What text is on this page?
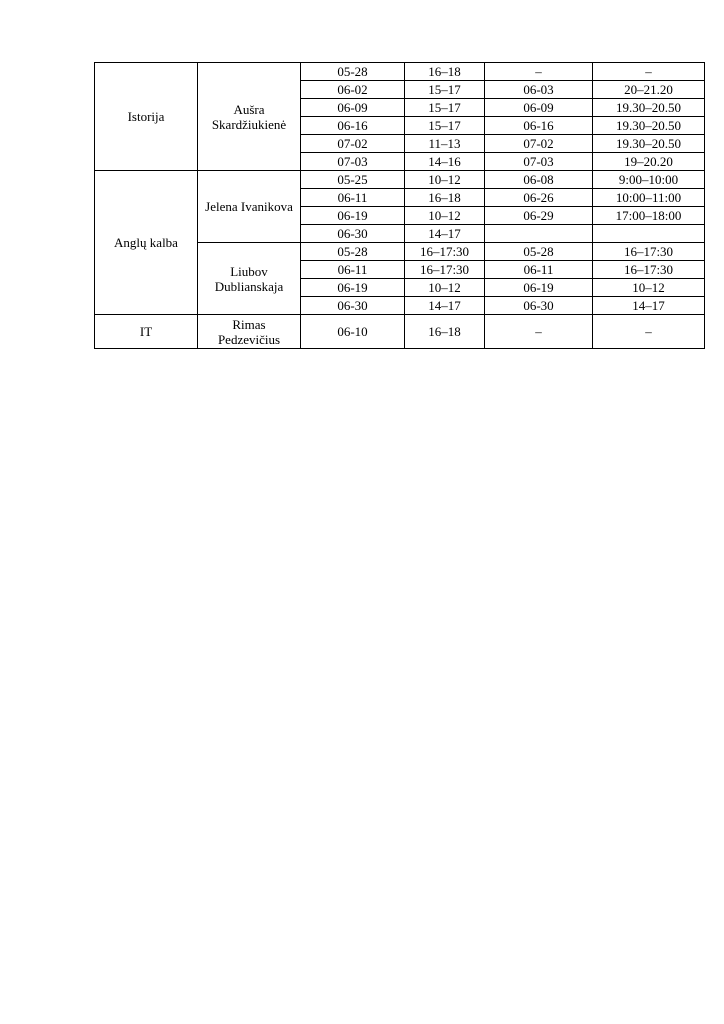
Istorija	Aušra Skardžiukienė	05-28	16–18	–	–
		06-02	15–17	06-03	20–21.20
		06-09	15–17	06-09	19.30–20.50
		06-16	15–17	06-16	19.30–20.50
		07-02	11–13	07-02	19.30–20.50
		07-03	14–16	07-03	19–20.20
Anglų kalba	Jelena Ivanikova	05-25	10–12	06-08	9:00–10:00
		06-11	16–18	06-26	10:00–11:00
		06-19	10–12	06-29	17:00–18:00
		06-30	14–17		
	Liubov Dublianskaja	05-28	16–17:30	05-28	16–17:30
		06-11	16–17:30	06-11	16–17:30
		06-19	10–12	06-19	10–12
		06-30	14–17	06-30	14–17
IT	Rimas Pedzevičius	06-10	16–18	–	–
